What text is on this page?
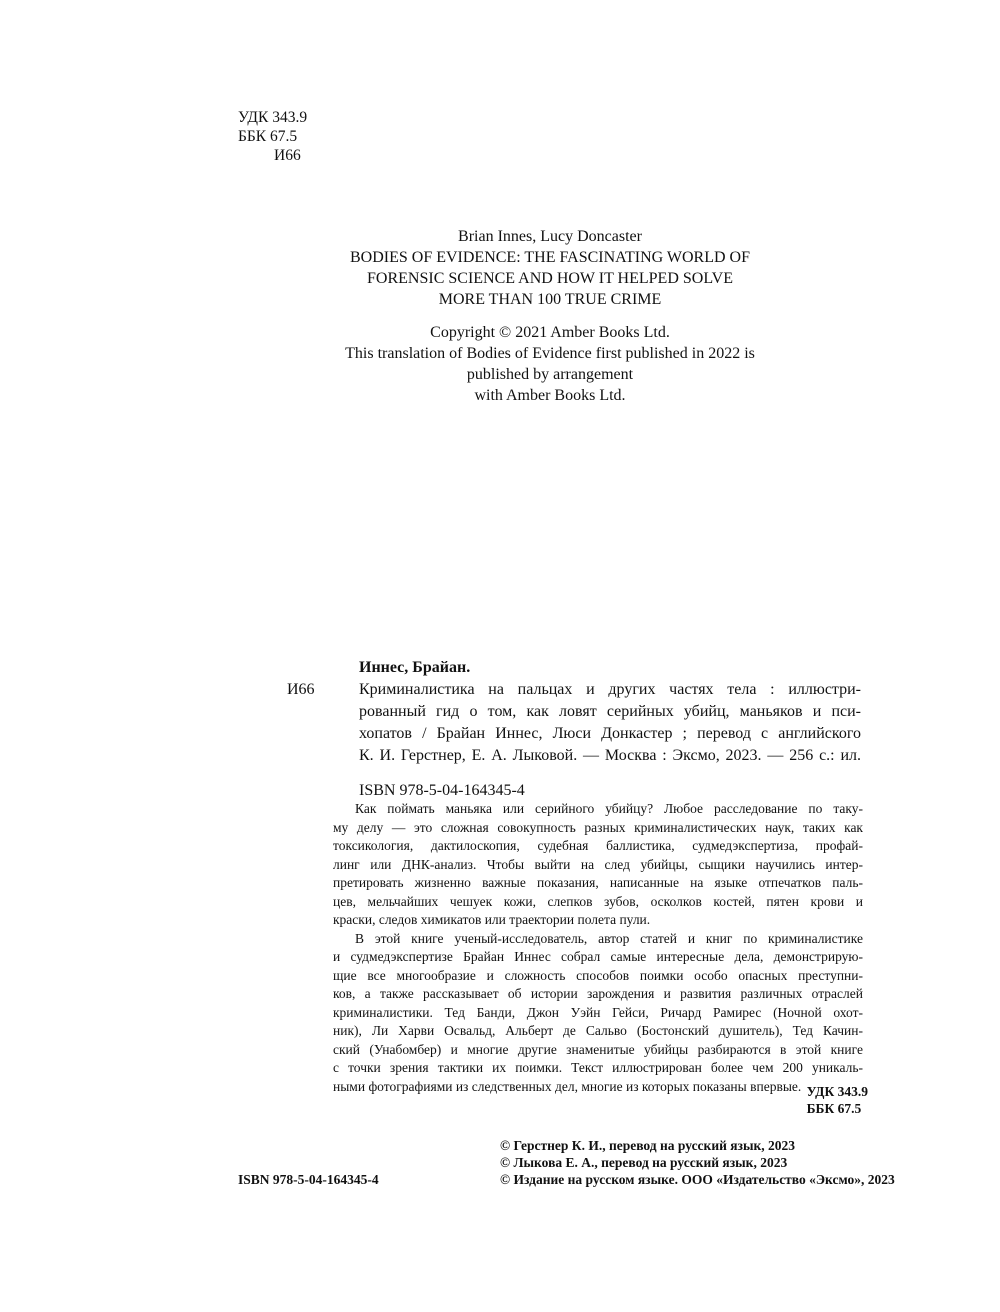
УДК 343.9
ББК 67.5
И66
Brian Innes, Lucy Doncaster
BODIES OF EVIDENCE: THE FASCINATING WORLD OF
FORENSIC SCIENCE AND HOW IT HELPED SOLVE
MORE THAN 100 TRUE CRIME
Copyright © 2021 Amber Books Ltd.
This translation of Bodies of Evidence first published in 2022 is
published by arrangement
with Amber Books Ltd.
Иннес, Брайан.
И66	Криминалистика на пальцах и других частях тела : иллюстри-
рованный гид о том, как ловят серийных убийц, маньяков и пси-
хопатов / Брайан Иннес, Люси Донкастер ; перевод с английского
К. И. Герстнер, Е. А. Лыковой. — Москва : Эксмо, 2023. — 256 с.: ил.
ISBN 978-5-04-164345-4
Как поймать маньяка или серийного убийцу? Любое расследование по таку-
му делу — это сложная совокупность разных криминалистических наук, таких как
токсикология, дактилоскопия, судебная баллистика, судмедэкспертиза, профай-
линг или ДНК-анализ. Чтобы выйти на след убийцы, сыщики научились интер-
претировать жизненно важные показания, написанные на языке отпечатков паль-
цев, мельчайших чешуек кожи, слепков зубов, осколков костей, пятен крови и
краски, следов химикатов или траектории полета пули.
В этой книге ученый-исследователь, автор статей и книг по криминалистике
и судмедэкспертизе Брайан Иннес собрал самые интересные дела, демонстрирую-
щие все многообразие и сложность способов поимки особо опасных преступни-
ков, а также рассказывает об истории зарождения и развития различных отраслей
криминалистики. Тед Банди, Джон Уэйн Гейси, Ричард Рамирес (Ночной охот-
ник), Ли Харви Освальд, Альберт де Сальво (Бостонский душитель), Тед Качин-
ский (Унабомбер) и многие другие знаменитые убийцы разбираются в этой книге
с точки зрения тактики их поимки. Текст иллюстрирован более чем 200 уникаль-
ными фотографиями из следственных дел, многие из которых показаны впервые. УДК 343.9
ББК 67.5
© Герстнер К. И., перевод на русский язык, 2023
© Лыкова Е. А., перевод на русский язык, 2023
© Издание на русском языке. ООО «Издательство «Эксмо», 2023
ISBN 978-5-04-164345-4
